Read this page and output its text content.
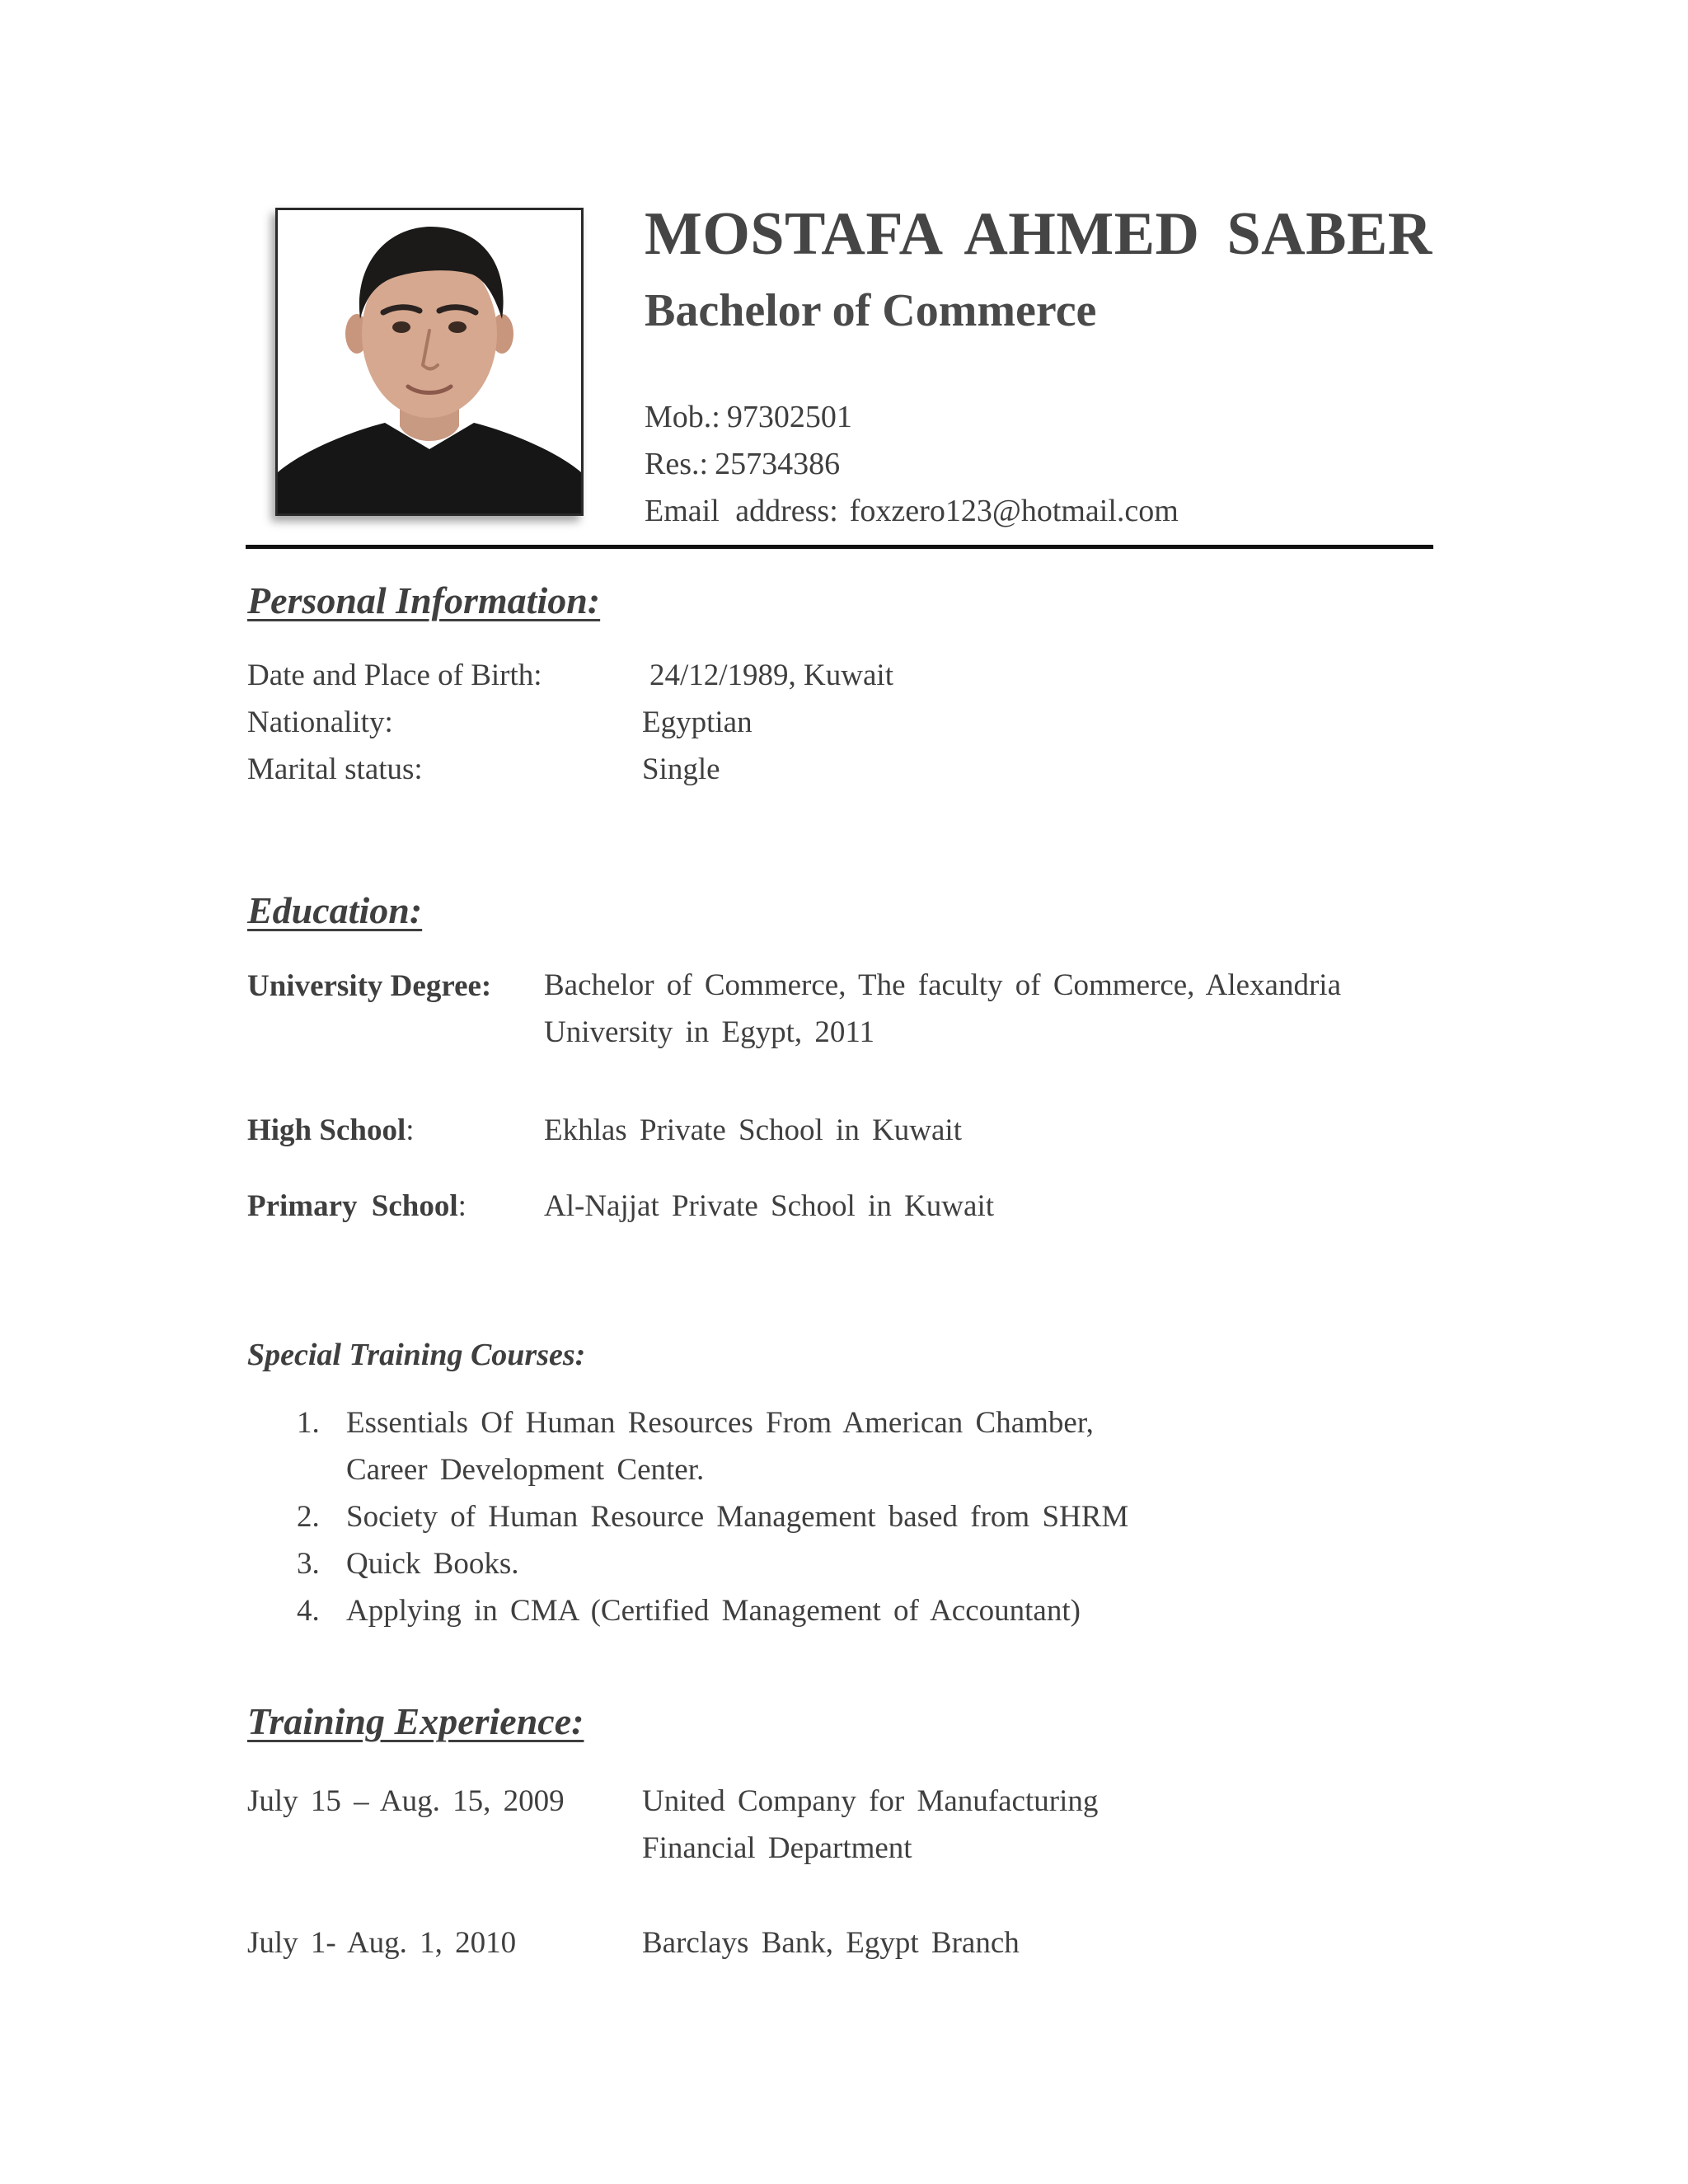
MOSTAFA AHMED SABER
Bachelor of Commerce
Mob.: 97302501
Res.: 25734386
Email address: foxzero123@hotmail.com
Personal Information:
Date and Place of Birth:	24/12/1989, Kuwait
Nationality:	Egyptian
Marital status:	Single
Education:
University Degree: Bachelor of Commerce, The faculty of Commerce, Alexandria University in Egypt, 2011
High School:	Ekhlas Private School in Kuwait
Primary School:	Al-Najjat Private School in Kuwait
Special Training Courses:
1. Essentials Of Human Resources From American Chamber, Career Development Center.
2. Society of Human Resource Management based from SHRM
3. Quick Books.
4. Applying in CMA (Certified Management of Accountant)
Training Experience:
July 15 – Aug. 15, 2009	United Company for Manufacturing
Financial Department
July 1- Aug. 1, 2010	Barclays Bank, Egypt Branch
